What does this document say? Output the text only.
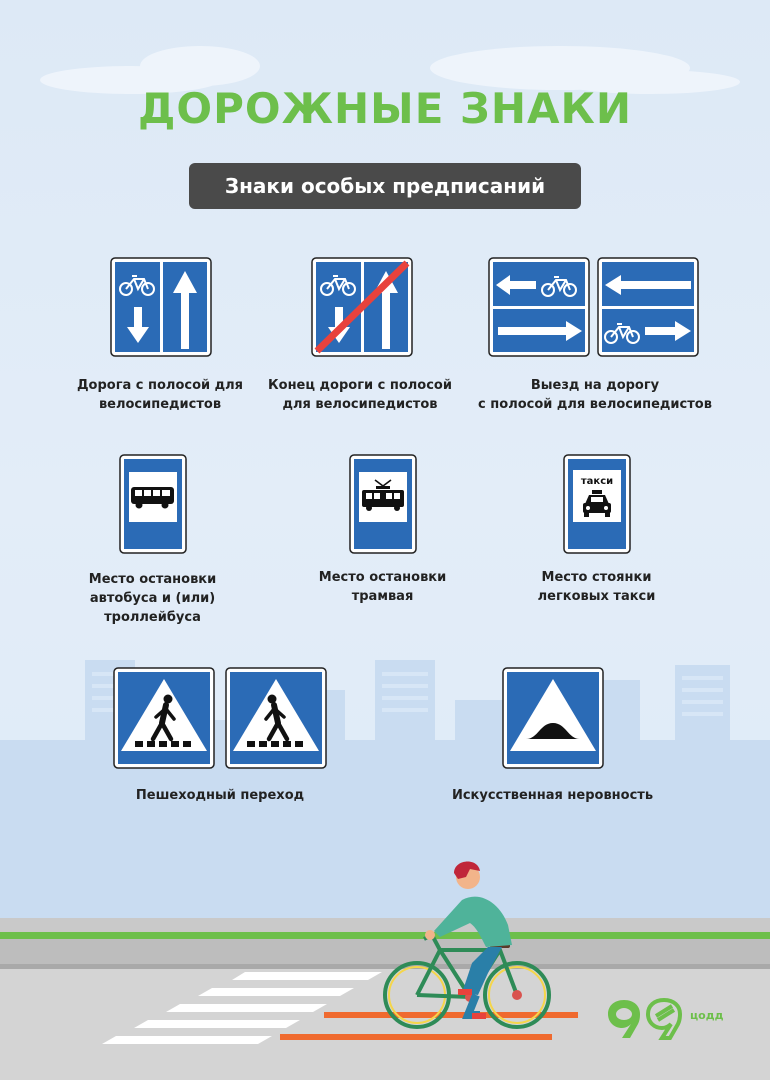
ДОРОЖНЫЕ ЗНАКИ
Знаки особых предписаний
такси
Дорога с полосой для
велосипедистов
Конец дороги с полосой
для велосипедистов
Выезд на дорогу
с полосой для велосипедистов
Место остановки
автобуса и (или)
троллейбуса
Место остановки
трамвая
Место стоянки
легковых такси
Пешеходный переход	Искусственная неровность
цодд
